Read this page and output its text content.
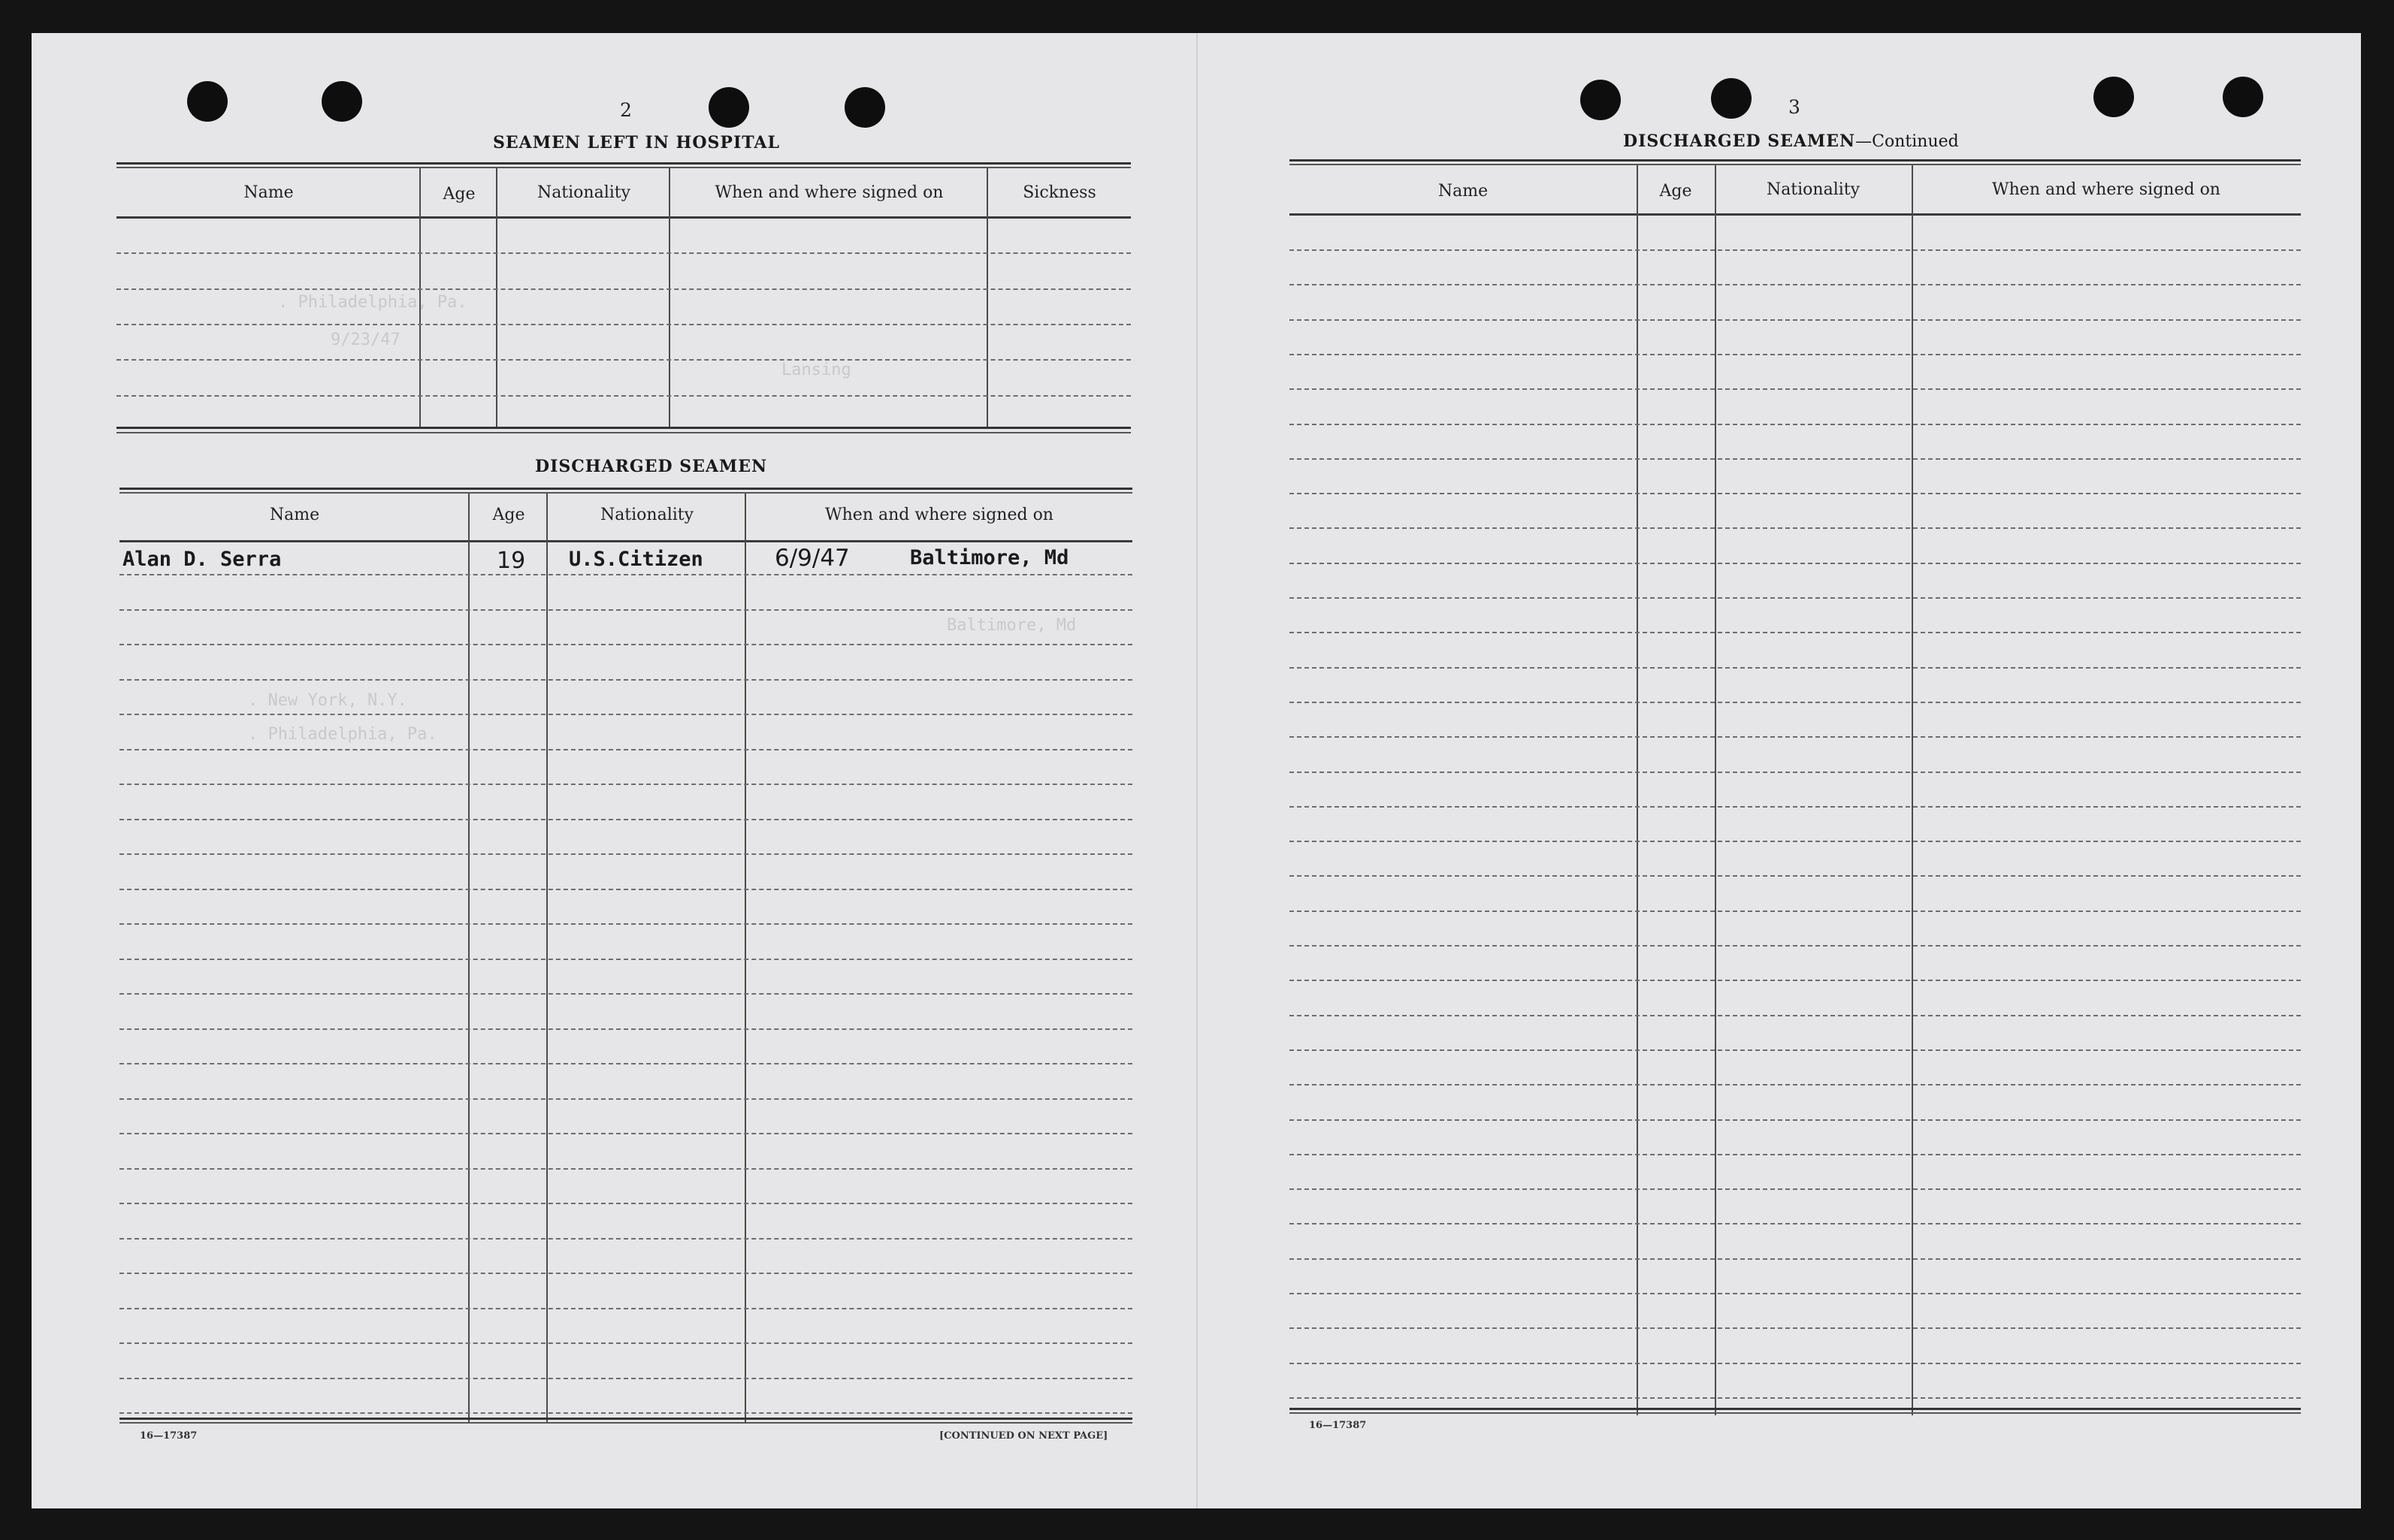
. Philadelphia, Pa.
9/23/47
Lansing
Baltimore, Md
. New York, N.Y.
. Philadelphia, Pa.
2
SEAMEN LEFT IN HOSPITAL
Name	Age	Nationality	When and where signed on	Sickness
DISCHARGED SEAMEN
Name	Age	Nationality	When and where signed on
Alan D. Serra	19 U.S.Citizen	6/9/47	Baltimore, Md
16—17387	[CONTINUED ON NEXT PAGE]
3
DISCHARGED SEAMEN—Continued
Name	Age	Nationality	When and where signed on
16—17387
